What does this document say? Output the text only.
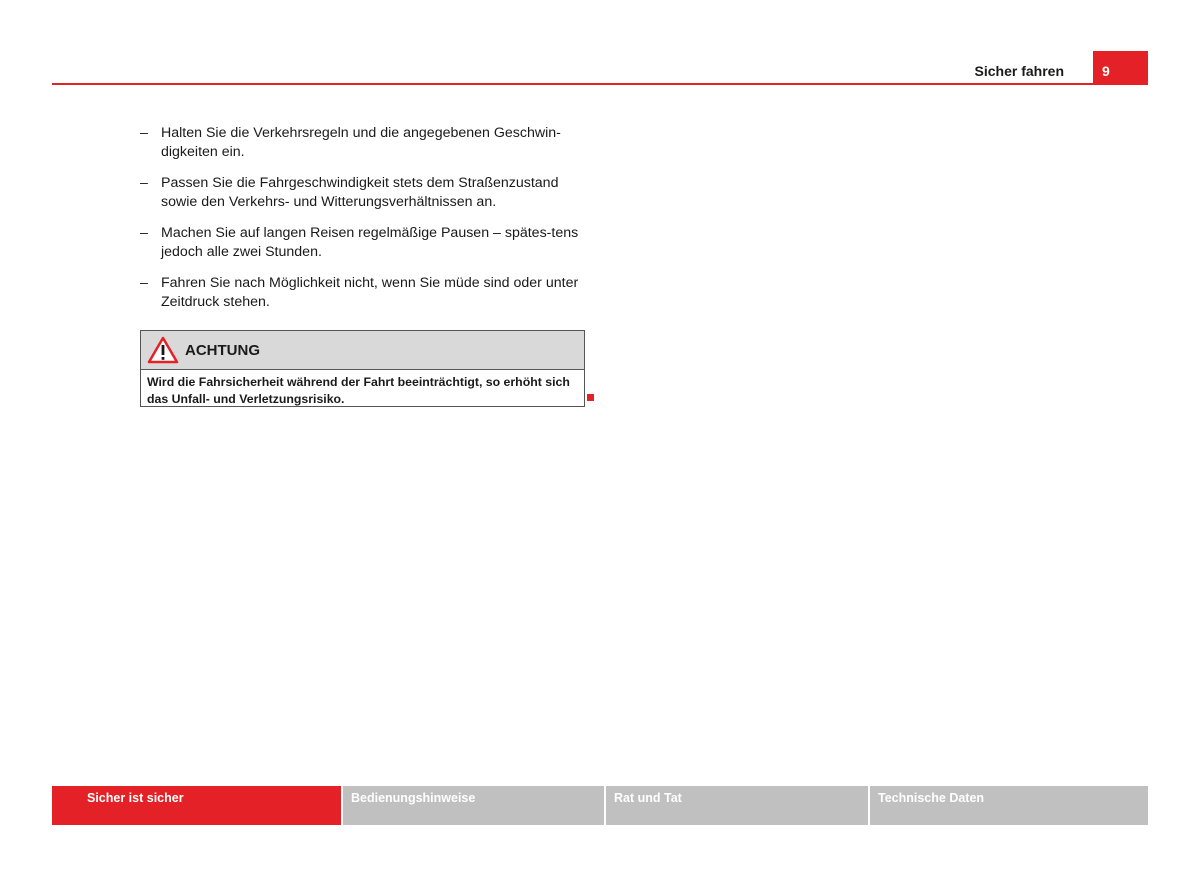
Sicher fahren	9
– Halten Sie die Verkehrsregeln und die angegebenen Geschwin-digkeiten ein.
– Passen Sie die Fahrgeschwindigkeit stets dem Straßenzustand sowie den Verkehrs- und Witterungsverhältnissen an.
– Machen Sie auf langen Reisen regelmäßige Pausen – spätes-tens jedoch alle zwei Stunden.
– Fahren Sie nach Möglichkeit nicht, wenn Sie müde sind oder unter Zeitdruck stehen.
ACHTUNG
Wird die Fahrsicherheit während der Fahrt beeinträchtigt, so erhöht sich das Unfall- und Verletzungsrisiko.
Sicher ist sicher	Bedienungshinweise	Rat und Tat	Technische Daten
